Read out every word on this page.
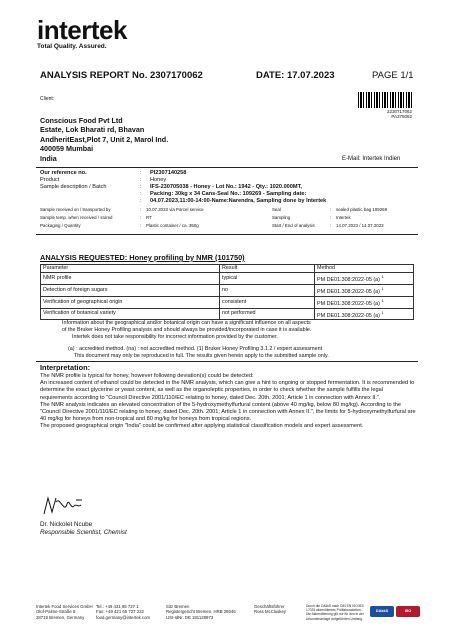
intertek
Total Quality. Assured.
ANALYSIS REPORT No. 2307170062	DATE: 17.07.2023	PAGE 1/1
Client:
2230717062
PA376062
Conscious Food Pvt Ltd
Estate, Lok Bharati rd, Bhavan
AndheritEast,Plot 7, Unit 2, Marol Ind.
400059 Mumbai
India	E-Mail: Intertek Indien
Our reference no.	: PI2307140258
Product	: Honey
Sample description / Batch	: IFS-230705038 - Honey - Lot No.: 1942 - Qty.: 1020.000MT,
: Packing: 30kg x 34 Cans-Seal No.: 109269 - Sampling date:
: 04.07.2023,11:00-14:00-Name:Narendra, Sampling done by Intertek
Sample received on / transported by	: 10.07.2023 via Parcel service	Seal	: sealed plastic bag 109269
Sample temp. when received / stored	: RT	Sampling	: Intertek
Packaging / Quantity	: Plastic container / ca. 350g	Start / End of analysis	: 14.07.2023 / 14.07.2023
ANALYSIS REQUESTED: Honey profiling by NMR (101750)
Parameter	Result	Method
NMR profile	typical	PM DE01.308:2022-05 (a) $^1$
Detection of foreign sugars	no	PM DE01.308:2022-05 (a) $^1$
Verification of geographical origin	consistent	PM DE01.308:2022-05 (a) $^1$
Verification of botanical variety	not performed	PM DE01.308:2022-05 (a) $^1$
Information about the geographical and/or botanical origin can have a significant influence on all aspects
of the Bruker Honey Profiling analysis and should always be provided/incorporated in case it is available.
Intertek does not take responsibility for incorrect information provided by the customer.
(a) : accredited method. (na) : not accredited method. (1) Bruker Honey Profiling 3.1.2 / expert assessment
This document may only be reproduced in full. The results given herein apply to the submitted sample only.
Interpretation:

The NMR profile is typical for honey, however following deviation(s) could be detected:

An increased content of ethanol could be detected in the NMR analysis, which can give a hint to ongoing or stopped fermentation. It is recommended to determine the exact glycerine or yeast content, as well as the organoleptic properties, in order to check whether the sample fulfills the legal requirements according to "Council Directive 2001/110/EC relating to honey, dated Dec. 20th. 2001; Article 1 in connection with Annex II.".

The NMR analysis indicates an elevated concentration of the 5-hydroxymethylfurfural content (above 40 mg/kg, below 80 mg/kg). According to the "Council Directive 2001/110/EC relating to honey, dated Dec. 20th. 2001; Article 1 in connection with Annex II.", the limits for 5-hydroxymethylfurfural are 40 mg/kg for honeys from non-tropical and 80 mg/kg for honeys from tropical regions.

The proposed geographical origin "India" could be confirmed after applying statistical classification models and expert assessment.

Dr. Nickolet Ncube
Responsible Scientist, Chemist
Intertek Food Services GmbH
Olof-Palme-Straße 8
28719 Bremen, Germany
Tel.: +49 421 65 727 1
Fax: +49 421 65 727 222
food.germany@intertek.com
Sitz Bremen
Registergericht Bremen, HRB 28046
USt-IdNr. DE 181128973
Geschäftsführer
Ross McCluskey
Durch die DAkkS nach DIN EN ISO/IEC
17025 akkreditiertes Prüflaboratorium.
Die Akkreditierung gilt nur für den in der
Urkundenanlage aufgeführten Umfang.
DAkkS	ISO
